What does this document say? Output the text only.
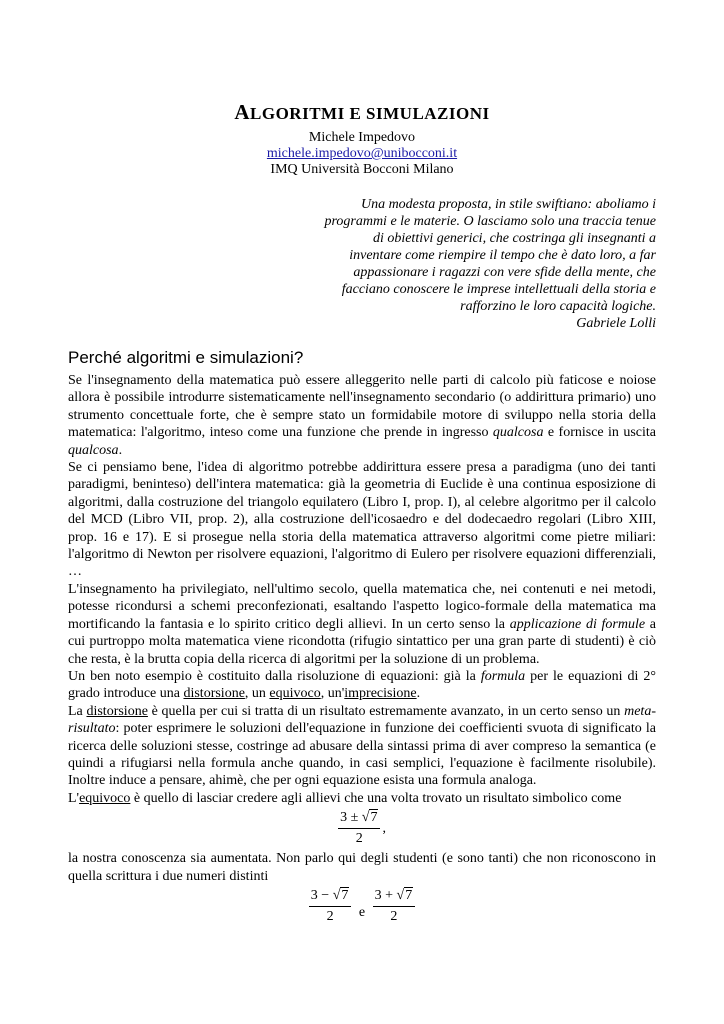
ALGORITMI E SIMULAZIONI
Michele Impedovo
michele.impedovo@unibocconi.it
IMQ Università Bocconi Milano
Una modesta proposta, in stile swiftiano: aboliamo i programmi e le materie. O lasciamo solo una traccia tenue di obiettivi generici, che costringa gli insegnanti a inventare come riempire il tempo che è dato loro, a far appassionare i ragazzi con vere sfide della mente, che facciano conoscere le imprese intellettuali della storia e rafforzino le loro capacità logiche.
Gabriele Lolli
Perché algoritmi e simulazioni?

Se l'insegnamento della matematica può essere alleggerito nelle parti di calcolo più faticose e noiose allora è possibile introdurre sistematicamente nell'insegnamento secondario (o addirittura primario) uno strumento concettuale forte, che è sempre stato un formidabile motore di sviluppo nella storia della matematica: l'algoritmo, inteso come una funzione che prende in ingresso qualcosa e fornisce in uscita qualcosa.

Se ci pensiamo bene, l'idea di algoritmo potrebbe addirittura essere presa a paradigma (uno dei tanti paradigmi, beninteso) dell'intera matematica: già la geometria di Euclide è una continua esposizione di algoritmi, dalla costruzione del triangolo equilatero (Libro I, prop. I), al celebre algoritmo per il calcolo del MCD (Libro VII, prop. 2), alla costruzione dell'icosaedro e del dodecaedro regolari (Libro XIII, prop. 16 e 17). E si prosegue nella storia della matematica attraverso algoritmi come pietre miliari: l'algoritmo di Newton per risolvere equazioni, l'algoritmo di Eulero per risolvere equazioni differenziali, …

L'insegnamento ha privilegiato, nell'ultimo secolo, quella matematica che, nei contenuti e nei metodi, potesse ricondursi a schemi preconfezionati, esaltando l'aspetto logico-formale della matematica ma mortificando la fantasia e lo spirito critico degli allievi. In un certo senso la applicazione di formule a cui purtroppo molta matematica viene ricondotta (rifugio sintattico per una gran parte di studenti) è ciò che resta, è la brutta copia della ricerca di algoritmi per la soluzione di un problema.

Un ben noto esempio è costituito dalla risoluzione di equazioni: già la formula per le equazioni di 2° grado introduce una distorsione, un equivoco, un'imprecisione.

La distorsione è quella per cui si tratta di un risultato estremamente avanzato, in un certo senso un meta-risultato: poter esprimere le soluzioni dell'equazione in funzione dei coefficienti svuota di significato la ricerca delle soluzioni stesse, costringe ad abusare della sintassi prima di aver compreso la semantica (e quindi a rifugiarsi nella formula anche quando, in casi semplici, l'equazione è facilmente risolubile). Inoltre induce a pensare, ahimè, che per ogni equazione esista una formula analoga.

L'equivoco è quello di lasciar credere agli allievi che una volta trovato un risultato simbolico come

$\frac{3 \pm √7}{2}$ ,

la nostra conoscenza sia aumentata. Non parlo qui degli studenti (e sono tanti) che non riconoscono in quella scrittura i due numeri distinti

$\frac{3 - √7}{2}$ e $\frac{3 + √7}{2}$
